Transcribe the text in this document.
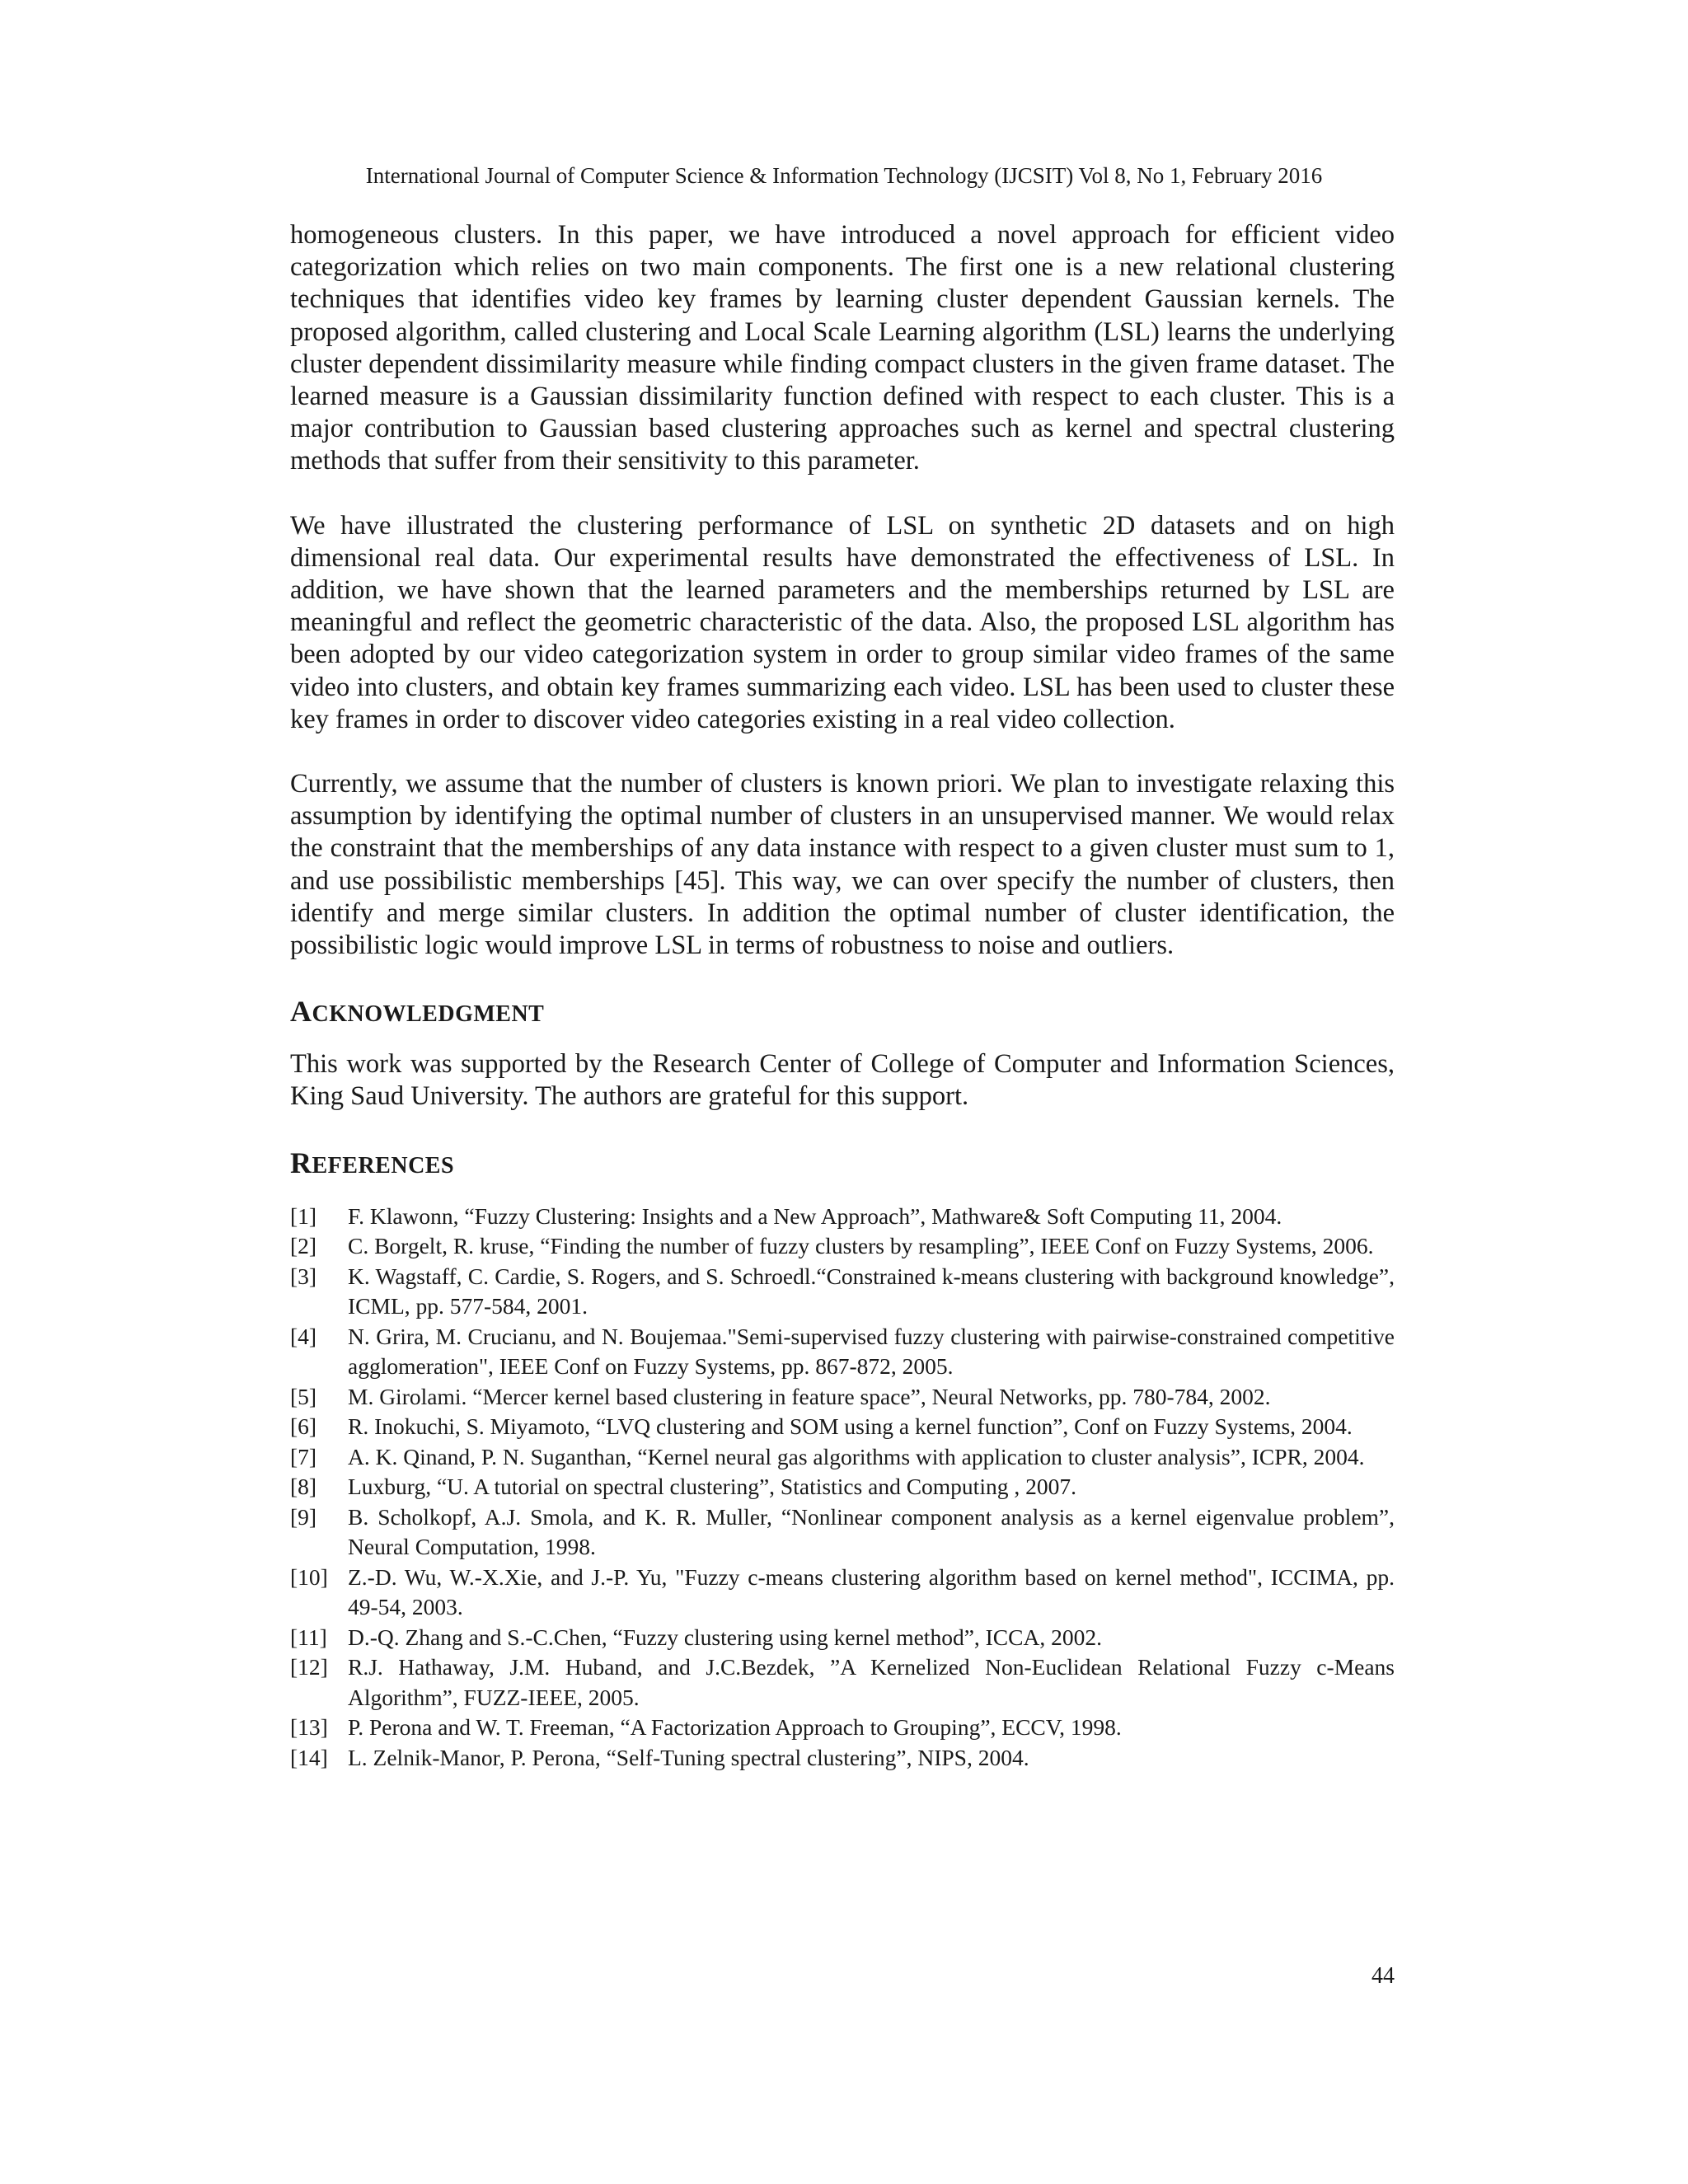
International Journal of Computer Science & Information Technology (IJCSIT) Vol 8, No 1, February 2016

homogeneous clusters. In this paper, we have introduced a novel approach for efficient video categorization which relies on two main components. The first one is a new relational clustering techniques that identifies video key frames by learning cluster dependent Gaussian kernels. The proposed algorithm, called clustering and Local Scale Learning algorithm (LSL) learns the underlying cluster dependent dissimilarity measure while finding compact clusters in the given frame dataset. The learned measure is a Gaussian dissimilarity function defined with respect to each cluster. This is a major contribution to Gaussian based clustering approaches such as kernel and spectral clustering methods that suffer from their sensitivity to this parameter.

We have illustrated the clustering performance of LSL on synthetic 2D datasets and on high dimensional real data. Our experimental results have demonstrated the effectiveness of LSL. In addition, we have shown that the learned parameters and the memberships returned by LSL are meaningful and reflect the geometric characteristic of the data. Also, the proposed LSL algorithm has been adopted by our video categorization system in order to group similar video frames of the same video into clusters, and obtain key frames summarizing each video. LSL has been used to cluster these key frames in order to discover video categories existing in a real video collection.

Currently, we assume that the number of clusters is known priori. We plan to investigate relaxing this assumption by identifying the optimal number of clusters in an unsupervised manner. We would relax the constraint that the memberships of any data instance with respect to a given cluster must sum to 1, and use possibilistic memberships [45]. This way, we can over specify the number of clusters, then identify and merge similar clusters. In addition the optimal number of cluster identification, the possibilistic logic would improve LSL in terms of robustness to noise and outliers.

ACKNOWLEDGMENT

This work was supported by the Research Center of College of Computer and Information Sciences, King Saud University. The authors are grateful for this support.

REFERENCES
[1]	F. Klawonn, “Fuzzy Clustering: Insights and a New Approach”, Mathware& Soft Computing 11, 2004.
[2]	C. Borgelt, R. kruse, “Finding the number of fuzzy clusters by resampling”, IEEE Conf on Fuzzy Systems, 2006.
[3]	K. Wagstaff, C. Cardie, S. Rogers, and S. Schroedl.“Constrained k-means clustering with background knowledge”, ICML, pp. 577-584, 2001.
[4]	N. Grira, M. Crucianu, and N. Boujemaa."Semi-supervised fuzzy clustering with pairwise-constrained competitive agglomeration", IEEE Conf on Fuzzy Systems, pp. 867-872, 2005.
[5]	M. Girolami. “Mercer kernel based clustering in feature space”, Neural Networks, pp. 780-784, 2002.
[6]	R. Inokuchi, S. Miyamoto, “LVQ clustering and SOM using a kernel function”, Conf on Fuzzy Systems, 2004.
[7]	A. K. Qinand, P. N. Suganthan, “Kernel neural gas algorithms with application to cluster analysis”, ICPR, 2004.
[8]	Luxburg, “U. A tutorial on spectral clustering”, Statistics and Computing , 2007.
[9]	B. Scholkopf, A.J. Smola, and K. R. Muller, “Nonlinear component analysis as a kernel eigenvalue problem”, Neural Computation, 1998.
[10] Z.-D. Wu, W.-X.Xie, and J.-P. Yu, "Fuzzy c-means clustering algorithm based on kernel method", ICCIMA, pp. 49-54, 2003.
[11] D.-Q. Zhang and S.-C.Chen, “Fuzzy clustering using kernel method”, ICCA, 2002.
[12] R.J. Hathaway, J.M. Huband, and J.C.Bezdek, ”A Kernelized Non-Euclidean Relational Fuzzy c-Means Algorithm”, FUZZ-IEEE, 2005.
[13] P. Perona and W. T. Freeman, “A Factorization Approach to Grouping”, ECCV, 1998.
[14] L. Zelnik-Manor, P. Perona, “Self-Tuning spectral clustering”, NIPS, 2004.
44
